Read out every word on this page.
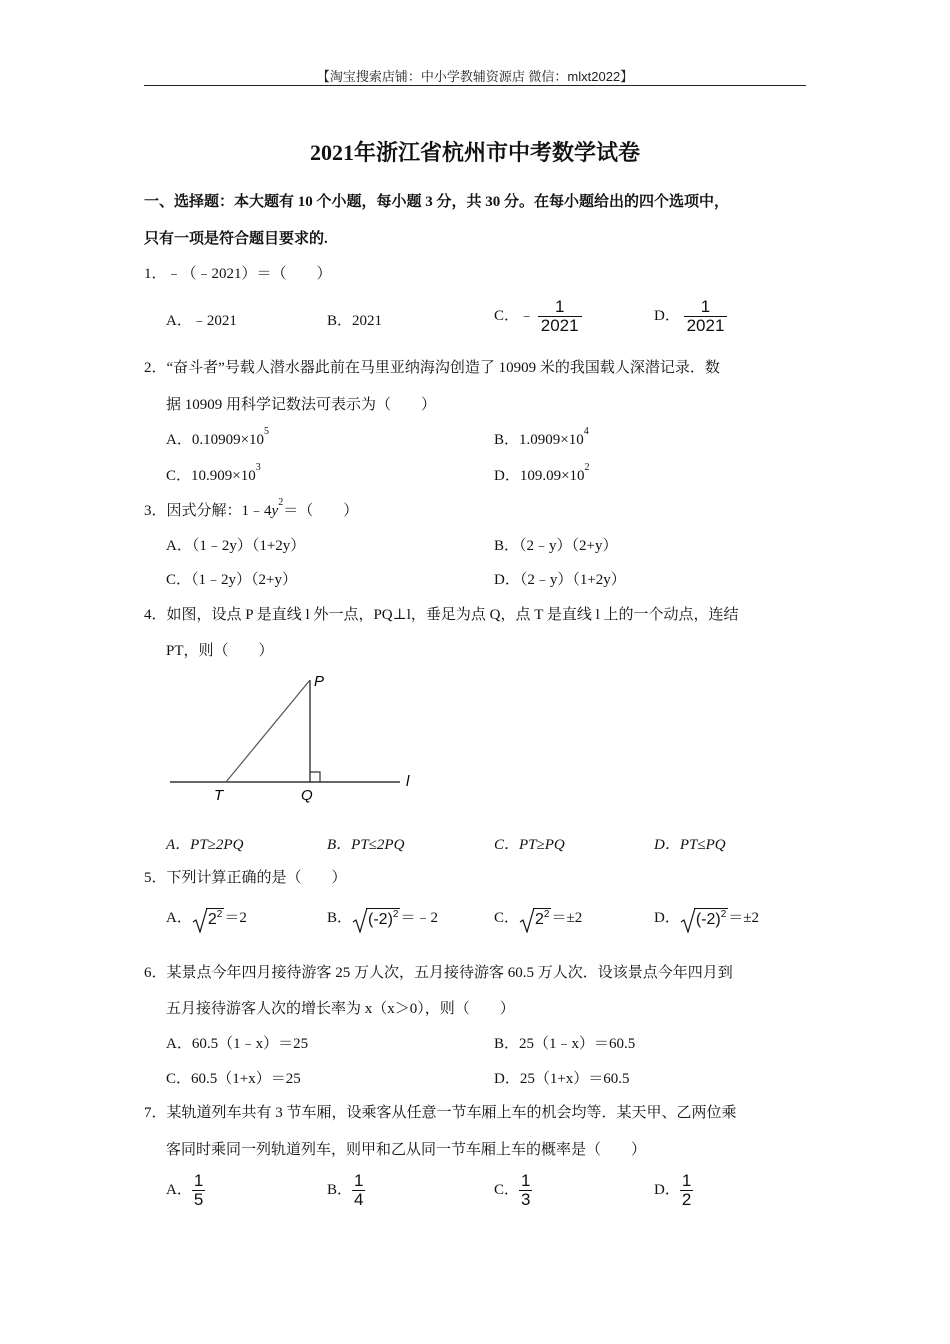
【淘宝搜索店铺：中小学教辅资源店 微信：mlxt2022】
2021年浙江省杭州市中考数学试卷
一、选择题：本大题有 10 个小题，每小题 3 分，共 30 分。在每小题给出的四个选项中，
只有一项是符合题目要求的.
1．﹣（﹣2021）＝（　　）
A．﹣2021	B．2021	C．﹣ $\frac{1}{2021}$	D． $\frac{1}{2021}$
2．“奋斗者”号载人潜水器此前在马里亚纳海沟创造了 10909 米的我国载人深潜记录．数
据 10909 用科学记数法可表示为（　　）
A．$0.10909\times 10^5$
B．$1.0909\times 10^4$
C．$10.909\times 10^3$
D．$109.09\times 10^2$
3．因式分解：$1﹣4y^2=$（　　）
A．（1﹣2y）（1+2y）	B．（2﹣y）（2+y）
C．（1﹣2y）（2+y）	D．（2﹣y）（1+2y）
4．如图，设点 P 是直线 l 外一点，PQ⊥l，垂足为点 Q，点 T 是直线 l 上的一个动点，连结
PT，则（　　）
P
T	Q
l
A．PT≥2PQ	B．PT≤2PQ	C．PT≥PQ	D．PT≤PQ
5．下列计算正确的是（　　）
A． $2^2 =2$	B． $(-2)^2$ ＝﹣2	C． $2^2 =\pm 2$	D． $(-2)^2 =\pm 2$
6．某景点今年四月接待游客 25 万人次，五月接待游客 60.5 万人次．设该景点今年四月到
五月接待游客人次的增长率为 x（x＞0），则（　　）
A．60.5（1﹣x）＝25	B．25（1﹣x）＝60.5
C．60.5（1+x）＝25	D．25（1+x）＝60.5
7．某轨道列车共有 3 节车厢，设乘客从任意一节车厢上车的机会均等．某天甲、乙两位乘
客同时乘同一列轨道列车，则甲和乙从同一节车厢上车的概率是（　　）
A． $\frac{1}{5}$	B． $\frac{1}{4}$	C． $\frac{1}{3}$	D． $\frac{1}{2}$
